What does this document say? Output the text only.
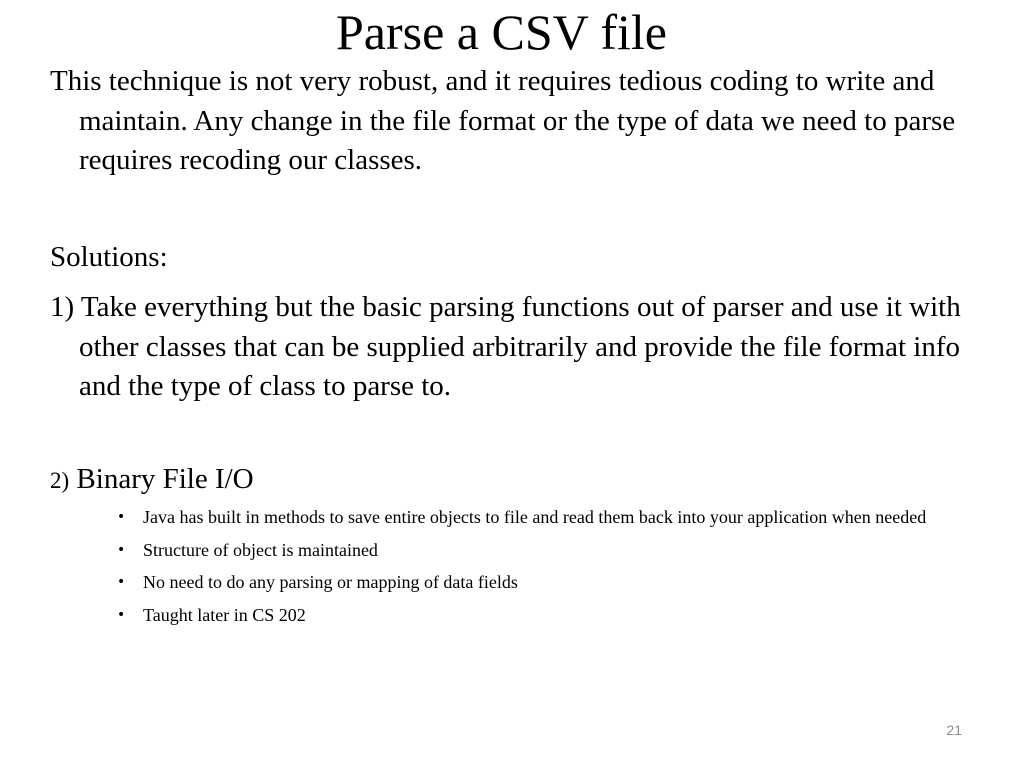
Parse a CSV file
This technique is not very robust, and it requires tedious coding to write and maintain. Any change in the file format or the type of data we need to parse requires recoding our classes.
Solutions:
1) Take everything but the basic parsing functions out of parser and use it with other classes that can be supplied arbitrarily and provide the file format info and the type of class to parse to.
2) Binary File I/O
• Java has built in methods to save entire objects to file and read them back into your application when needed
• Structure of object is maintained
• No need to do any parsing or mapping of data fields
• Taught later in CS 202
21
